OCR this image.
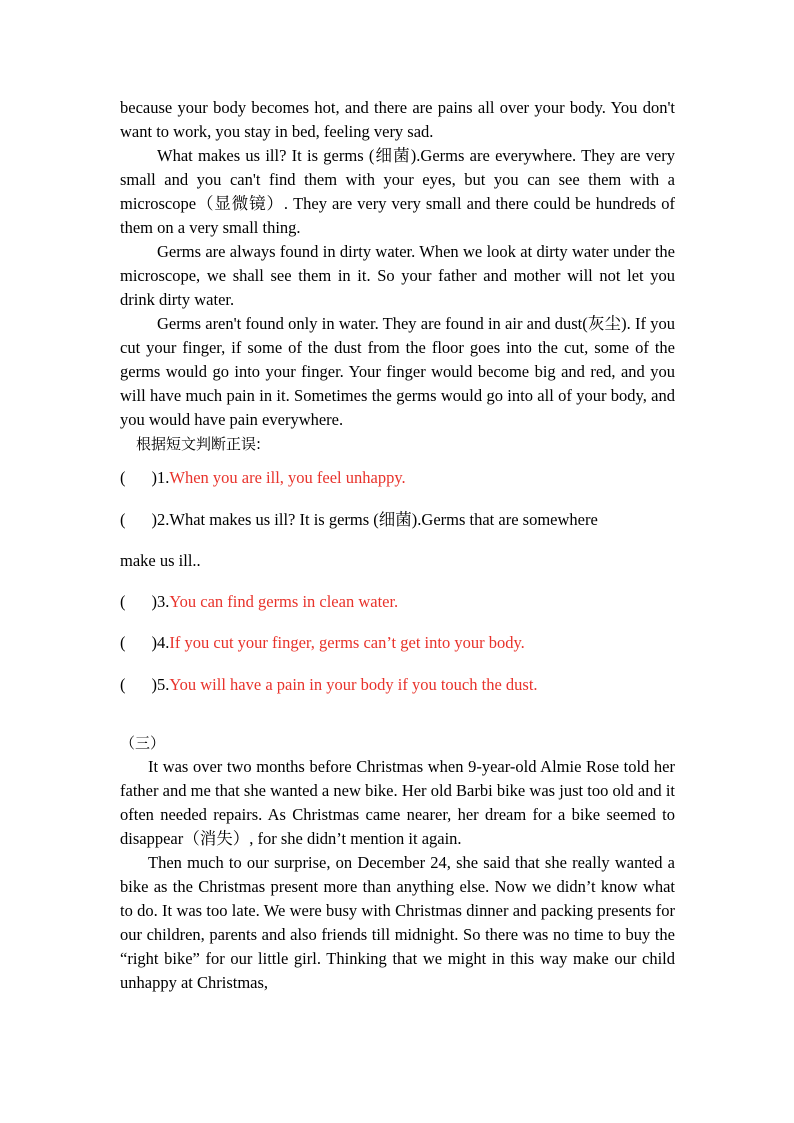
because your body becomes hot, and there are pains all over your body. You don't want to work, you stay in bed, feeling very sad.

What makes us ill? It is germs (细菌).Germs are everywhere. They are very small and you can't find them with your eyes, but you can see them with a microscope（显微镜）. They are very very small and there could be hundreds of them on a very small thing.

Germs are always found in dirty water. When we look at dirty water under the microscope, we shall see them in it. So your father and mother will not let you drink dirty water.

Germs aren't found only in water. They are found in air and dust(灰尘). If you cut your finger, if some of the dust from the floor goes into the cut, some of the germs would go into your finger. Your finger would become big and red, and you will have much pain in it. Sometimes the germs would go into all of your body, and you would have pain everywhere.

根据短文判断正误:

( )1.When you are ill, you feel unhappy.

( )2.What makes us ill? It is germs (细菌).Germs that are somewhere

make us ill..

( )3.You can find germs in clean water.

( )4.If you cut your finger, germs can’t get into your body.

( )5.You will have a pain in your body if you touch the dust.

（三）

It was over two months before Christmas when 9-year-old Almie Rose told her father and me that she wanted a new bike. Her old Barbi bike was just too old and it often needed repairs. As Christmas came nearer, her dream for a bike seemed to disappear（消失）, for she didn’t mention it again.

Then much to our surprise, on December 24, she said that she really wanted a bike as the Christmas present more than anything else. Now we didn’t know what to do. It was too late. We were busy with Christmas dinner and packing presents for our children, parents and also friends till midnight. So there was no time to buy the “right bike” for our little girl. Thinking that we might in this way make our child unhappy at Christmas,
